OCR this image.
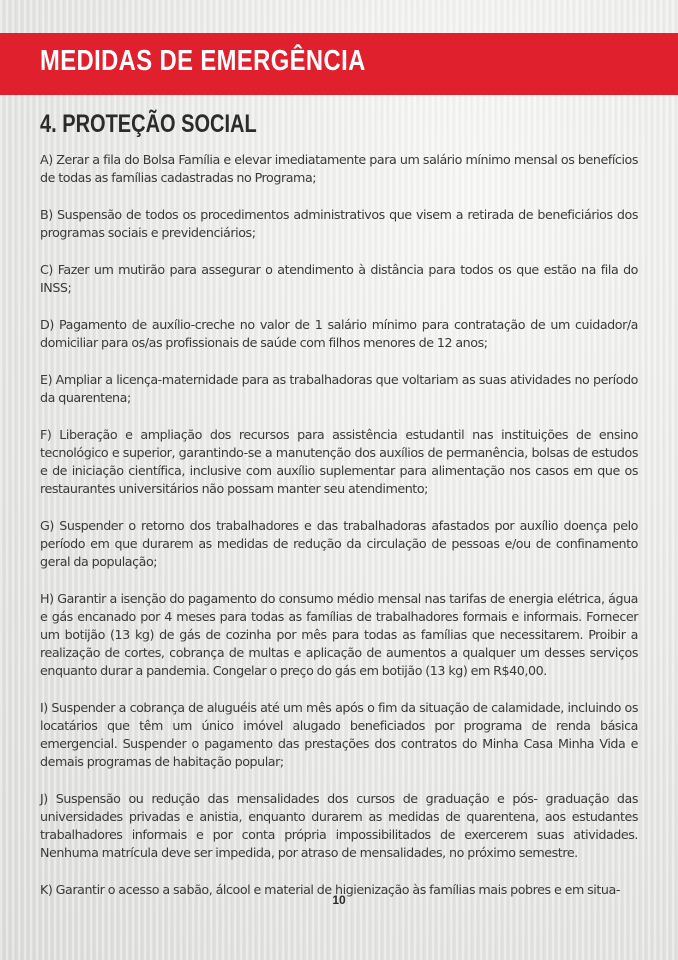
MEDIDAS DE EMERGÊNCIA
4. PROTEÇÃO SOCIAL

A) Zerar a fila do Bolsa Família e elevar imediatamente para um salário mínimo mensal os benefícios de todas as famílias cadastradas no Programa;

B) Suspensão de todos os procedimentos administrativos que visem a retirada de beneficiários dos programas sociais e previdenciários;

C) Fazer um mutirão para assegurar o atendimento à distância para todos os que estão na fila do INSS;

D) Pagamento de auxílio-creche no valor de 1 salário mínimo para contratação de um cuidador/a domiciliar para os/as profissionais de saúde com filhos menores de 12 anos;

E) Ampliar a licença-maternidade para as trabalhadoras que voltariam as suas atividades no período da quarentena;

F) Liberação e ampliação dos recursos para assistência estudantil nas instituições de ensino tecnológico e superior, garantindo-se a manutenção dos auxílios de permanência, bolsas de estudos e de iniciação científica, inclusive com auxílio suplementar para alimentação nos casos em que os restaurantes universitários não possam manter seu atendimento;

G) Suspender o retorno dos trabalhadores e das trabalhadoras afastados por auxílio doença pelo período em que durarem as medidas de redução da circulação de pessoas e/ou de confinamento geral da população;

H) Garantir a isenção do pagamento do consumo médio mensal nas tarifas de energia elétrica, água e gás encanado por 4 meses para todas as famílias de trabalhadores formais e informais. Fornecer um botijão (13 kg) de gás de cozinha por mês para todas as famílias que necessitarem. Proibir a realização de cortes, cobrança de multas e aplicação de aumentos a qualquer um desses serviços enquanto durar a pandemia. Congelar o preço do gás em botijão (13 kg) em R$40,00.

I) Suspender a cobrança de aluguéis até um mês após o fim da situação de calamidade, incluindo os locatários que têm um único imóvel alugado beneficiados por programa de renda básica emergencial. Suspender o pagamento das prestações dos contratos do Minha Casa Minha Vida e demais programas de habitação popular;

J) Suspensão ou redução das mensalidades dos cursos de graduação e pós- graduação das universidades privadas e anistia, enquanto durarem as medidas de quarentena, aos estudantes trabalhadores informais e por conta própria impossibilitados de exercerem suas atividades. Nenhuma matrícula deve ser impedida, por atraso de mensalidades, no próximo semestre.

K) Garantir o acesso a sabão, álcool e material de higienização às famílias mais pobres e em situa-

10
